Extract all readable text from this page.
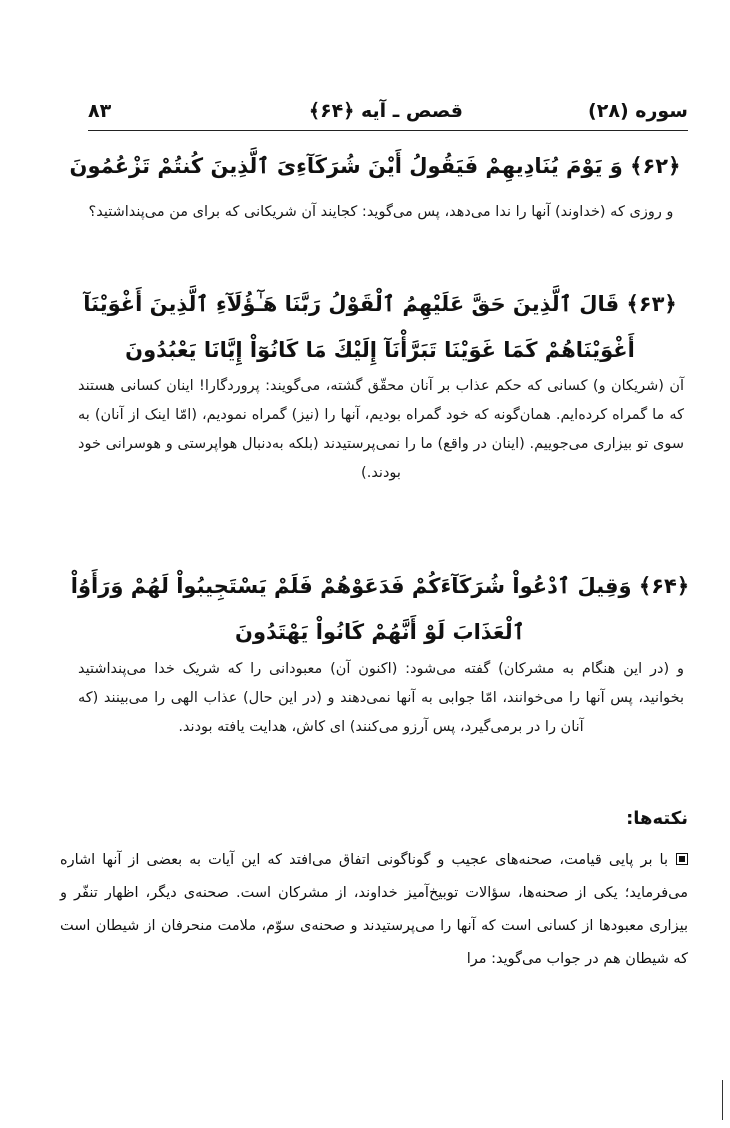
سوره (۲۸)
قصص ـ آیه ﴿۶۴﴾
۸۳
﴿۶۲﴾ وَ يَوْمَ يُنَادِيهِمْ فَيَقُولُ أَيْنَ شُرَكَآءِىَ ٱلَّذِينَ كُنتُمْ تَزْعُمُونَ
و روزى كه (خداوند) آنها را ندا مى‌دهد، پس مى‌گويد: كجايند آن شريكانى كه براى من مى‌پنداشتيد؟
﴿۶۳﴾ قَالَ ٱلَّذِينَ حَقَّ عَلَيْهِمُ ٱلْقَوْلُ رَبَّنَا هَـٰٓؤُلَآءِ ٱلَّذِينَ أَغْوَيْنَآ أَغْوَيْنَاهُمْ كَمَا غَوَيْنَا تَبَرَّأْنَآ إِلَيْكَ مَا كَانُوٓاْ إِيَّانَا يَعْبُدُونَ
آن (شريكان و) كسانى كه حكم عذاب بر آنان محقّق گشته، مى‌گويند: پروردگارا! اينان كسانى هستند كه ما گمراه كرده‌ايم. همان‌گونه كه خود گمراه بوديم، آنها را (نيز) گمراه نموديم، (امّا اينک از آنان) به سوى تو بيزارى مى‌جوييم. (اينان در واقع) ما را نمى‌پرستيدند (بلكه به‌دنبال هواپرستى و هوسرانى خود بودند.)
﴿۶۴﴾ وَقِيلَ ٱدْعُواْ شُرَكَآءَكُمْ فَدَعَوْهُمْ فَلَمْ يَسْتَجِيبُواْ لَهُمْ وَرَأَوُاْ ٱلْعَذَابَ لَوْ أَنَّهُمْ كَانُواْ يَهْتَدُونَ
و (در اين هنگام به مشركان) گفته مى‌شود: (اكنون آن) معبودانى را كه شريک خدا مى‌پنداشتيد بخوانيد، پس آنها را مى‌خوانند، امّا جوابى به آنها نمى‌دهند و (در اين حال) عذاب الهى را مى‌بينند (كه آنان را در برمى‌گيرد، پس آرزو مى‌كنند) اى كاش، هدايت يافته بودند.
نكته‌ها:
با بر پايى قيامت، صحنه‌هاى عجيب و گوناگونى اتفاق مى‌افتد كه اين آيات به بعضى از آنها اشاره مى‌فرمايد؛ يكى از صحنه‌ها، سؤالات توبيخ‌آميز خداوند، از مشركان است. صحنه‌ى ديگر، اظهار تنفّر و بيزارى معبودها از كسانى است كه آنها را مى‌پرستيدند و صحنه‌ى سوّم، ملامت منحرفان از شيطان است كه شيطان هم در جواب مى‌گويد: مرا
